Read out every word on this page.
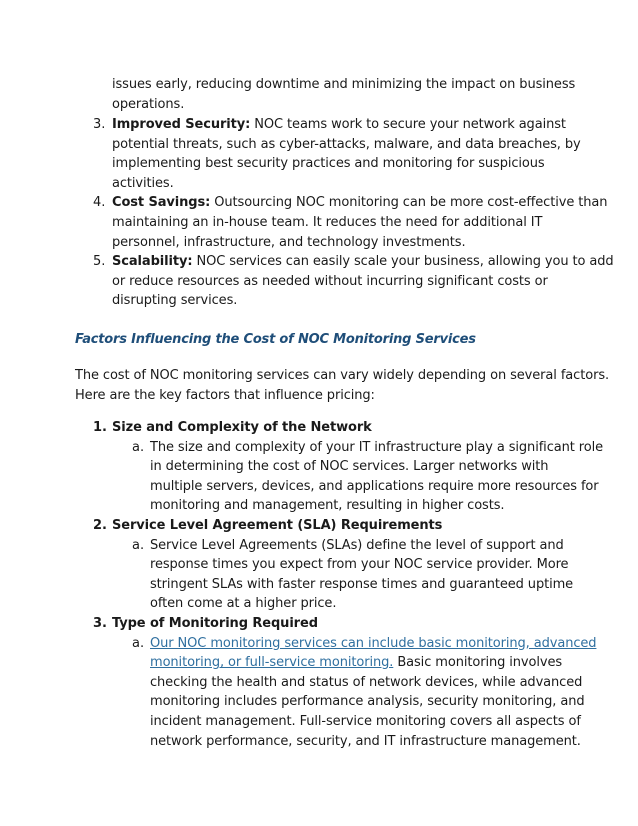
issues early, reducing downtime and minimizing the impact on business
operations.
3. Improved Security: NOC teams work to secure your network against
potential threats, such as cyber-attacks, malware, and data breaches, by
implementing best security practices and monitoring for suspicious
activities.
4. Cost Savings: Outsourcing NOC monitoring can be more cost-effective than
maintaining an in-house team. It reduces the need for additional IT
personnel, infrastructure, and technology investments.
5. Scalability: NOC services can easily scale your business, allowing you to add
or reduce resources as needed without incurring significant costs or
disrupting services.
Factors Influencing the Cost of NOC Monitoring Services
The cost of NOC monitoring services can vary widely depending on several factors.
Here are the key factors that influence pricing:
1. Size and Complexity of the Network
a. The size and complexity of your IT infrastructure play a significant role
in determining the cost of NOC services. Larger networks with
multiple servers, devices, and applications require more resources for
monitoring and management, resulting in higher costs.
2. Service Level Agreement (SLA) Requirements
a. Service Level Agreements (SLAs) define the level of support and
response times you expect from your NOC service provider. More
stringent SLAs with faster response times and guaranteed uptime
often come at a higher price.
3. Type of Monitoring Required
a. Our NOC monitoring services can include basic monitoring, advanced
monitoring, or full-service monitoring. Basic monitoring involves
checking the health and status of network devices, while advanced
monitoring includes performance analysis, security monitoring, and
incident management. Full-service monitoring covers all aspects of
network performance, security, and IT infrastructure management.
